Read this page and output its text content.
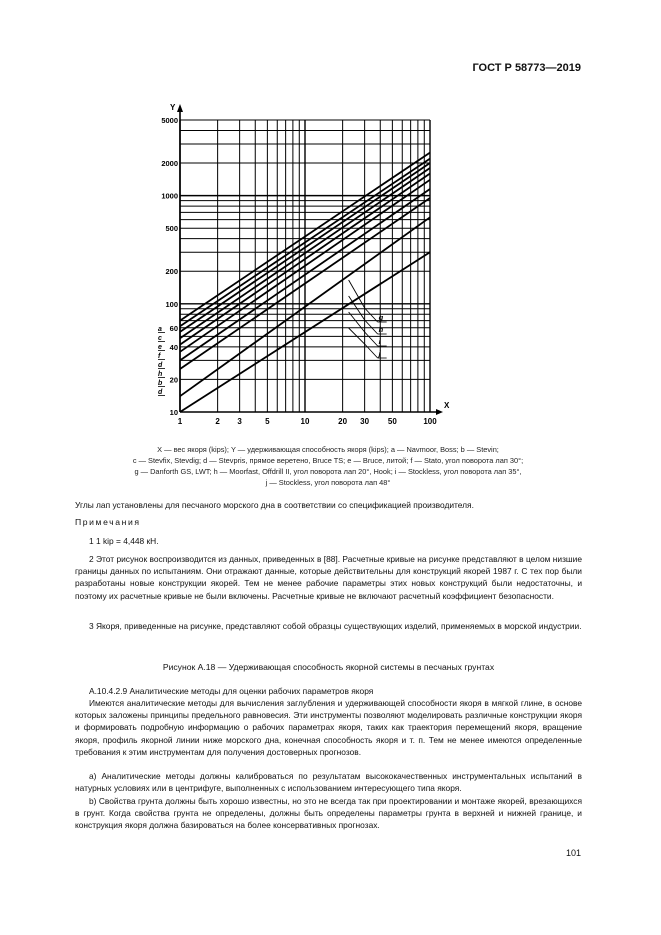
ГОСТ Р 58773—2019
Y
X
1	2 3	5	10	20 30 50	100
10
20
40
60
100
200
500
1000
2000
5000
a
c
e
f
d
h
b
d
g
h
i
j
X — вес якоря (kips); Y — удерживающая способность якоря (kips); a — Navmoor, Boss; b — Stevin;
c — Stevfix, Stevdig; d — Stevpris, прямое веретено, Bruce TS; e — Bruce, литой; f — Stato, угол поворота лап 30°;
g — Danforth GS, LWT; h — Moorfast, Offdrill II, угол поворота лап 20°, Hook; i — Stockless, угол поворота лап 35°,
j — Stockless, угол поворота лап 48°
Углы лап установлены для песчаного морского дна в соответствии со спецификацией производителя.
Примечания
1 1 kip = 4,448 кН.
2 Этот рисунок воспроизводится из данных, приведенных в [88]. Расчетные кривые на рисунке представляют в целом низшие границы данных по испытаниям. Они отражают данные, которые действительны для конструкций якорей 1987 г. С тех пор были разработаны новые конструкции якорей. Тем не менее рабочие параметры этих новых конструкций были недостаточны, и поэтому их расчетные кривые не были включены. Расчетные кривые не включают расчетный коэффициент безопасности.
3 Якоря, приведенные на рисунке, представляют собой образцы существующих изделий, применяемых в морской индустрии.
Рисунок А.18 — Удерживающая способность якорной системы в песчаных грунтах
А.10.4.2.9 Аналитические методы для оценки рабочих параметров якоря
Имеются аналитические методы для вычисления заглубления и удерживающей способности якоря в мягкой глине, в основе которых заложены принципы предельного равновесия. Эти инструменты позволяют моделировать различные конструкции якоря и формировать подробную информацию о рабочих параметрах якоря, таких как траектория перемещений якоря, вращение якоря, профиль якорной линии ниже морского дна, конечная способность якоря и т. п. Тем не менее имеются определенные требования к этим инструментам для получения достоверных прогнозов.
а) Аналитические методы должны калиброваться по результатам высококачественных инструментальных испытаний в натурных условиях или в центрифуге, выполненных с использованием интересующего типа якоря.
b) Свойства грунта должны быть хорошо известны, но это не всегда так при проектировании и монтаже якорей, врезающихся в грунт. Когда свойства грунта не определены, должны быть определены параметры грунта в верхней и нижней границе, и конструкция якоря должна базироваться на более консервативных прогнозах.
101
